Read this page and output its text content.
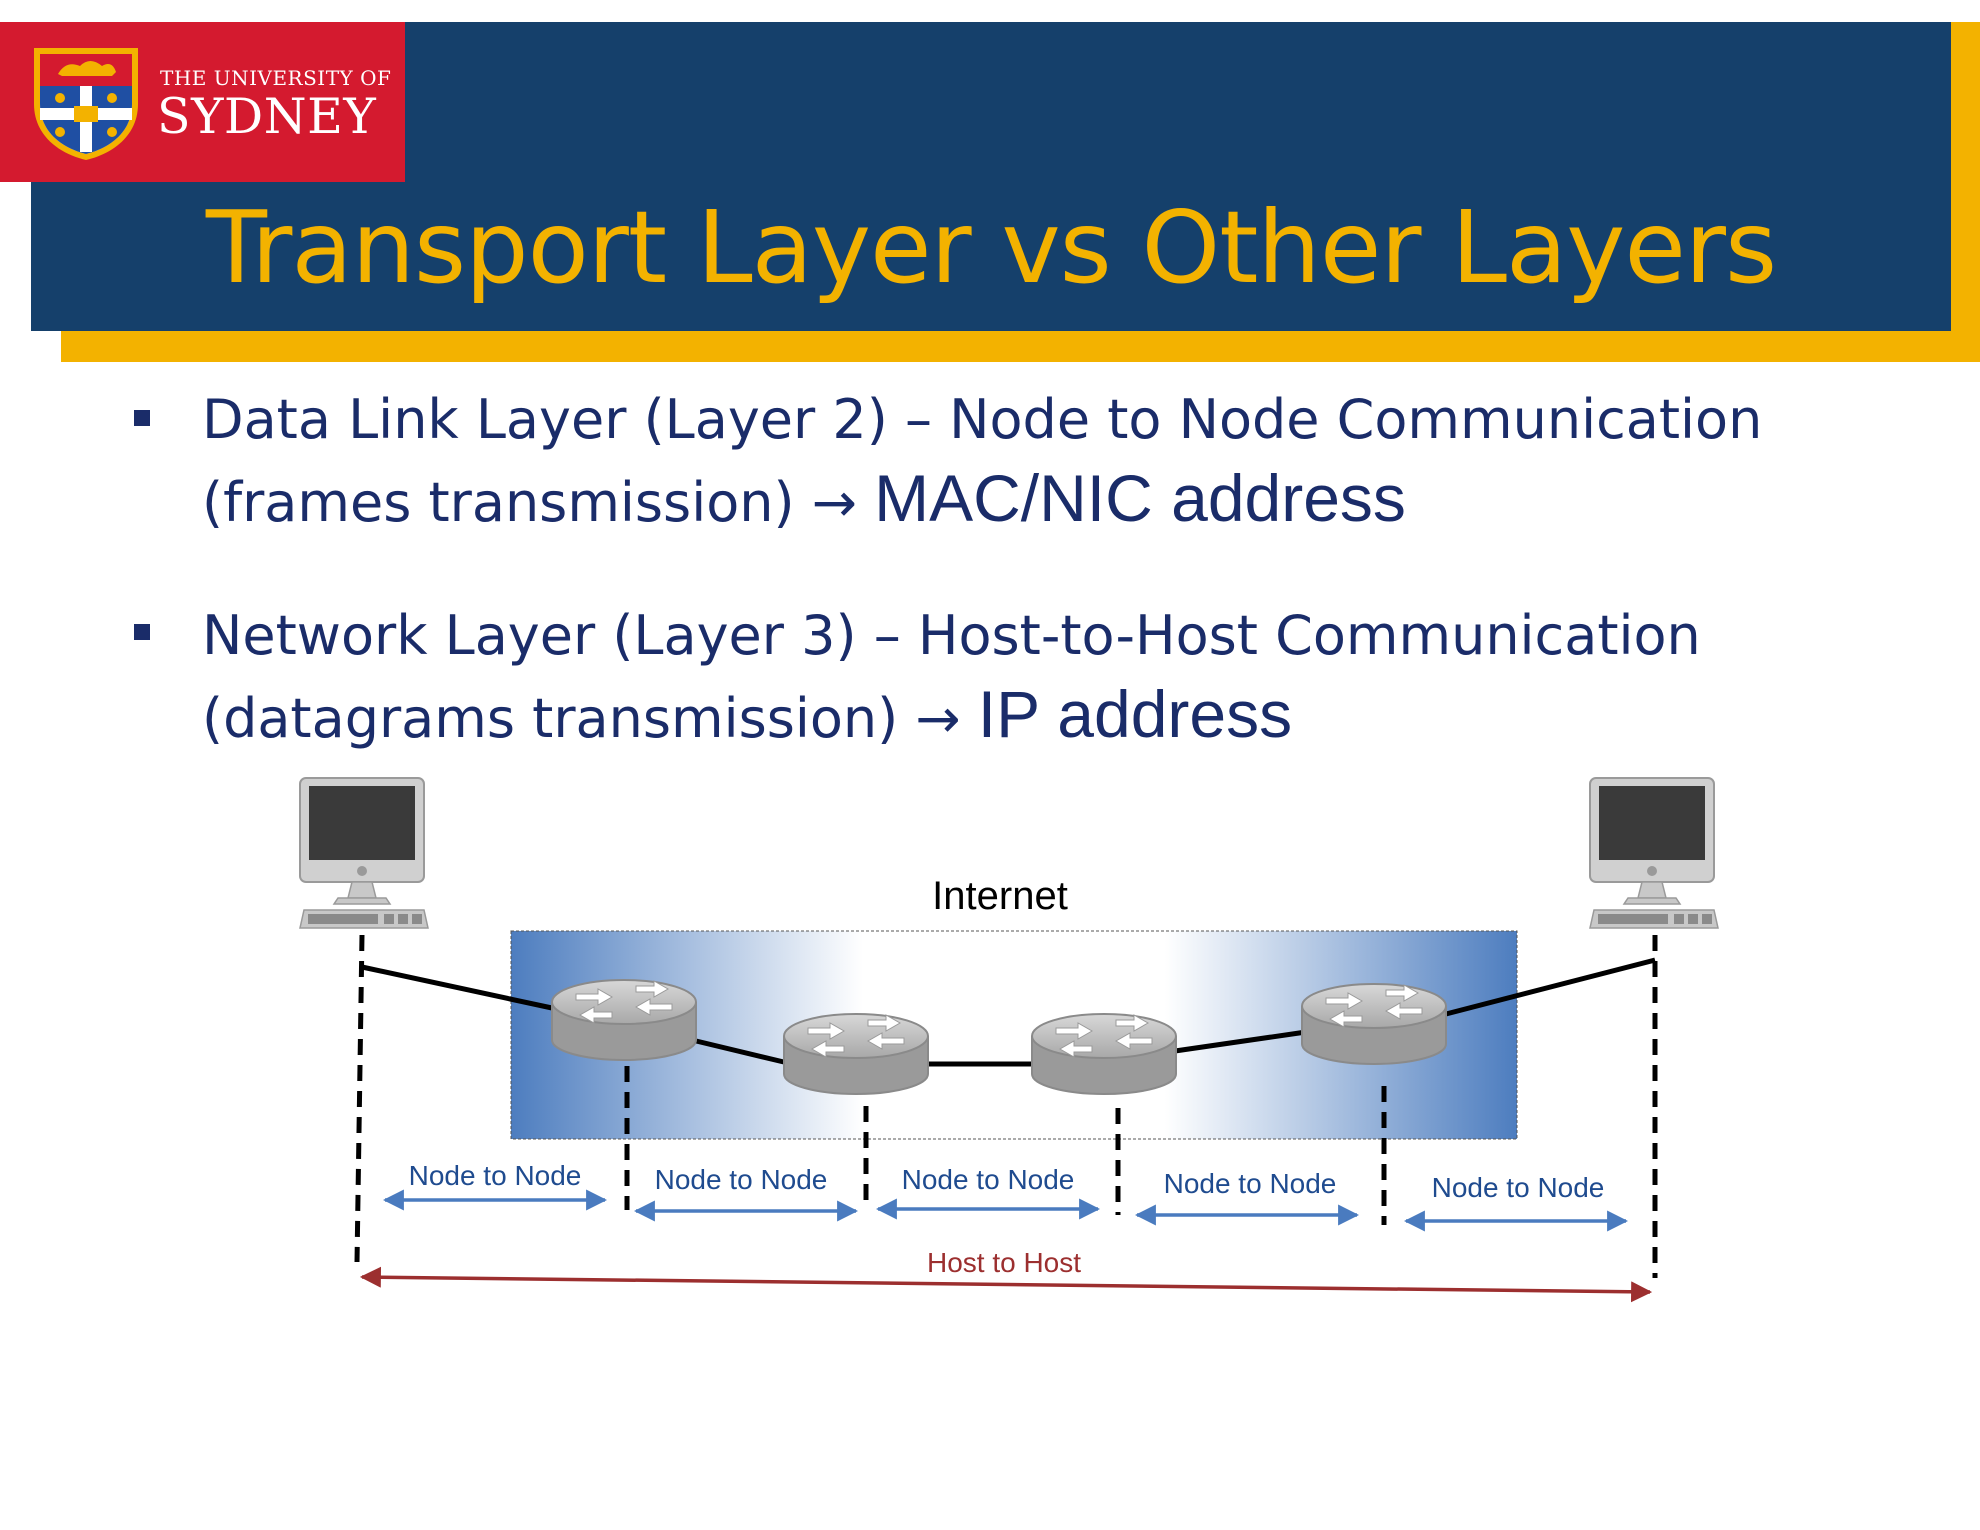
THE UNIVERSITY OF
SYDNEY
Transport Layer vs Other Layers
Data Link Layer (Layer 2) – Node to Node Communication (frames transmission) → MAC/NIC address
Network Layer (Layer 3) – Host-to-Host Communication (datagrams transmission) → IP address
Internet
Node to Node	Node to Node	Node to Node	Node to Node	Node to Node
Host to Host
